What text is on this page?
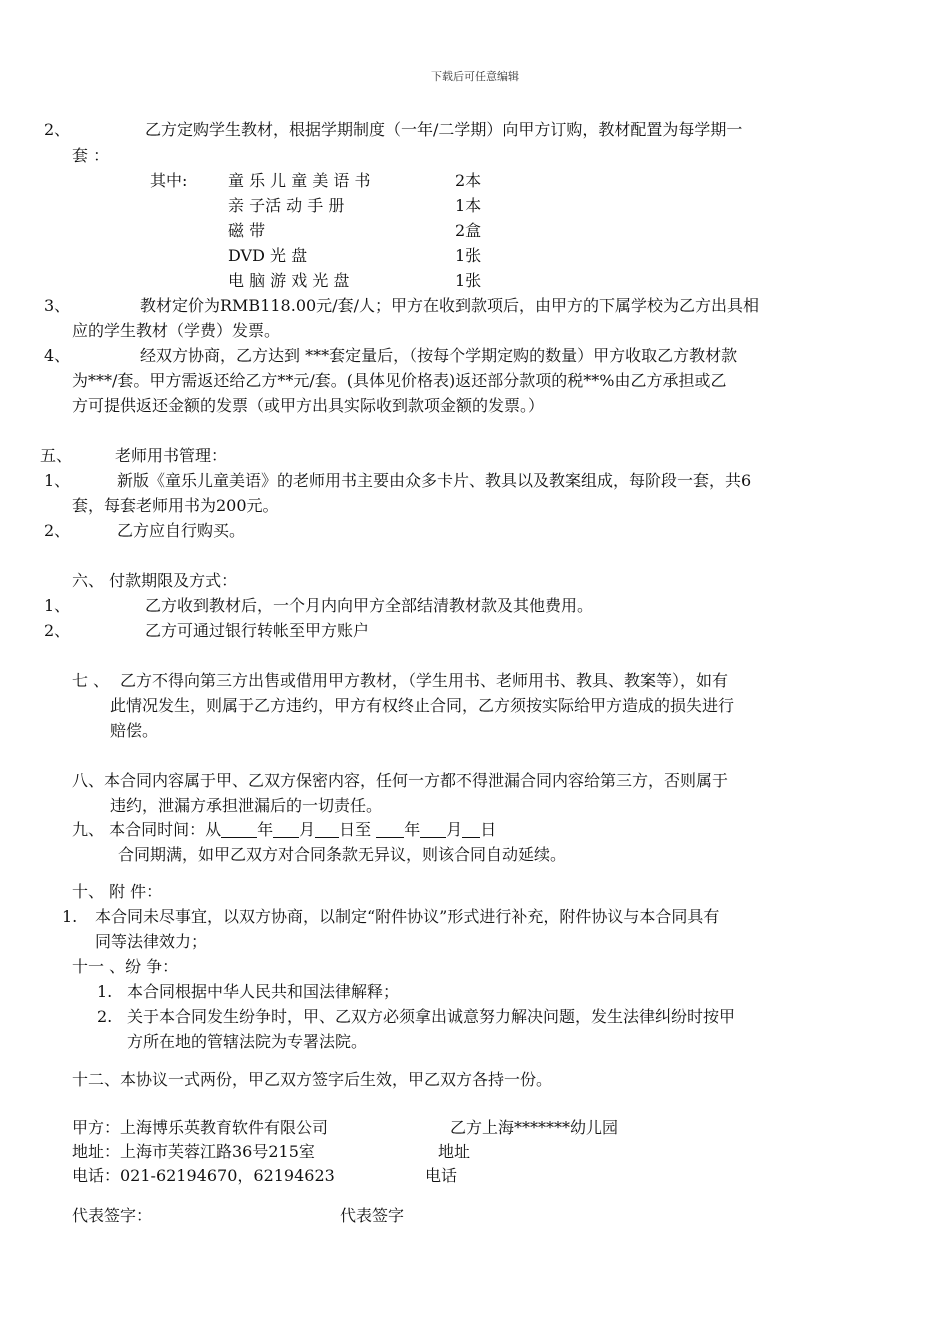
下载后可任意编辑
2、	乙方定购学生教材，根据学期制度（一年/二学期）向甲方订购，教材配置为每学期一
套 ：
其中:	童 乐 儿 童 美 语 书	2本
亲 子活 动 手 册	1本
磁 带	2盒
DVD 光 盘	1张
电 脑 游 戏 光 盘	1张
3、	教材定价为RMB118.00元/套/人；甲方在收到款项后，由甲方的下属学校为乙方出具相
应的学生教材（学费）发票。
4、	经双方协商，乙方达到 ***套定量后，（按每个学期定购的数量）甲方收取乙方教材款
为***/套。甲方需返还给乙方**元/套。(具体见价格表)返还部分款项的税**%由乙方承担或乙
方可提供返还金额的发票（或甲方出具实际收到款项金额的发票。）
五、	老师用书管理：
1、	新版《童乐儿童美语》的老师用书主要由众多卡片、教具以及教案组成，每阶段一套，共6
套，每套老师用书为200元。
2、	乙方应自行购买。
六、 付款期限及方式：
1、	乙方收到教材后，一个月内向甲方全部结清教材款及其他费用。
2、	乙方可通过银行转帐至甲方账户
七 、 乙方不得向第三方出售或借用甲方教材，（学生用书、老师用书、教具、教案等），如有
此情况发生，则属于乙方违约，甲方有权终止合同，乙方须按实际给甲方造成的损失进行
赔偿。
八、本合同内容属于甲、乙双方保密内容，任何一方都不得泄漏合同内容给第三方，否则属于
违约，泄漏方承担泄漏后的一切责任。
九、 本合同时间：从 年 月 日至 年 月 日
合同期满，如甲乙双方对合同条款无异议，则该合同自动延续。
十、 附 件：
1. 本合同未尽事宜，以双方协商，以制定“附件协议”形式进行补充，附件协议与本合同具有
同等法律效力；
十一 、纷 争：
1. 本合同根据中华人民共和国法律解释；
2. 关于本合同发生纷争时，甲、乙双方必须拿出诚意努力解决问题，发生法律纠纷时按甲
方所在地的管辖法院为专署法院。
十二、本协议一式两份，甲乙双方签字后生效，甲乙双方各持一份。
甲方：上海博乐英教育软件有限公司	乙方上海*******幼儿园
地址：上海市芙蓉江路36号215室	地址
电话：021-62194670，62194623	电话
代表签字：	代表签字
